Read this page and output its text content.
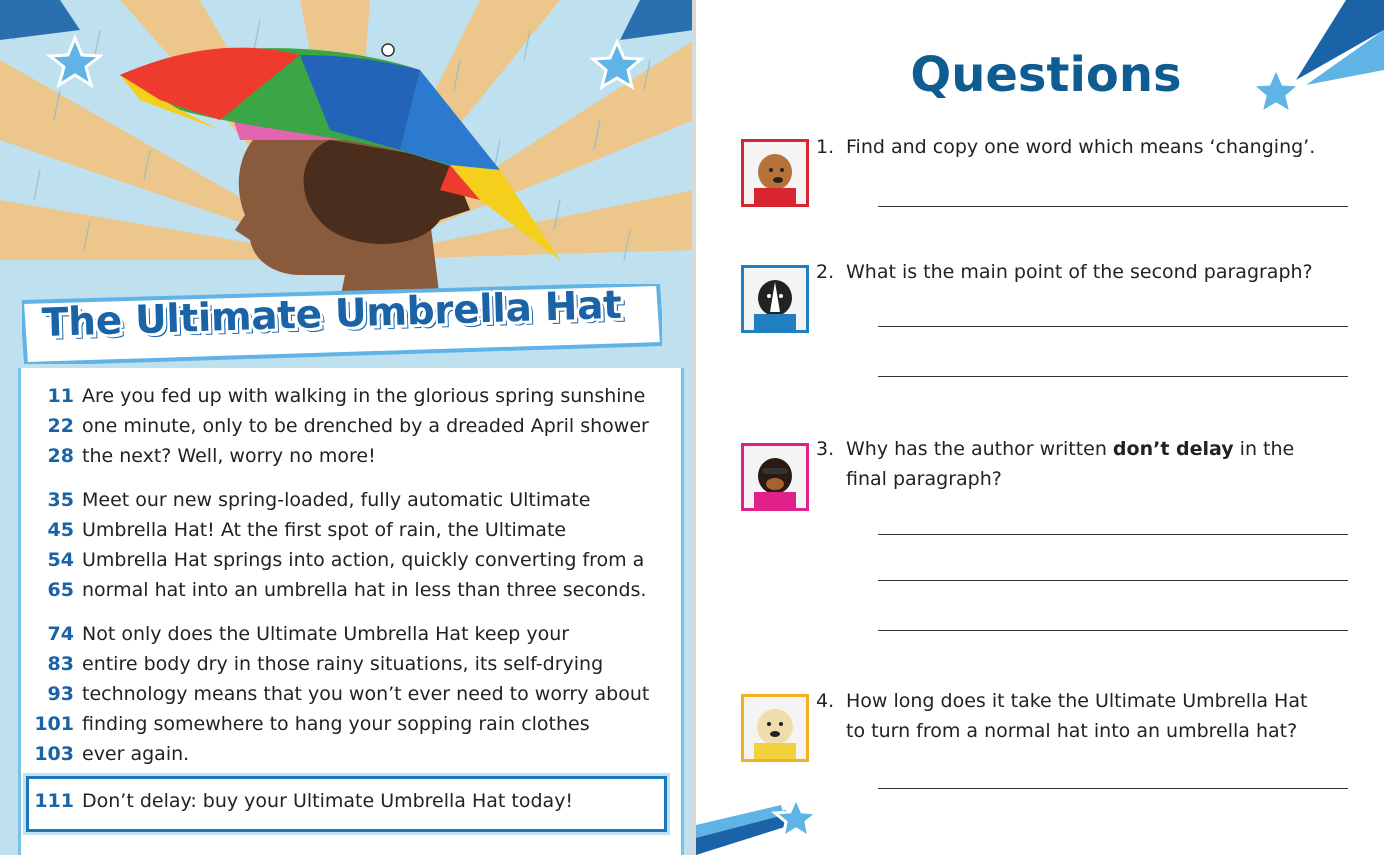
The Ultimate Umbrella Hat
11 Are you fed up with walking in the glorious spring sunshine
22 one minute, only to be drenched by a dreaded April shower
28 the next? Well, worry no more!
35 Meet our new spring-loaded, fully automatic Ultimate
45 Umbrella Hat! At the first spot of rain, the Ultimate
54 Umbrella Hat springs into action, quickly converting from a
65 normal hat into an umbrella hat in less than three seconds.
74 Not only does the Ultimate Umbrella Hat keep your
83 entire body dry in those rainy situations, its self-drying
93 technology means that you won’t ever need to worry about
101 finding somewhere to hang your sopping rain clothes
103 ever again.
111 Don’t delay: buy your Ultimate Umbrella Hat today!
Questions
1. Find and copy one word which means ‘changing’.
2. What is the main point of the second paragraph?
3. Why has the author written don’t delay in the
final paragraph?
4. How long does it take the Ultimate Umbrella Hat
to turn from a normal hat into an umbrella hat?
